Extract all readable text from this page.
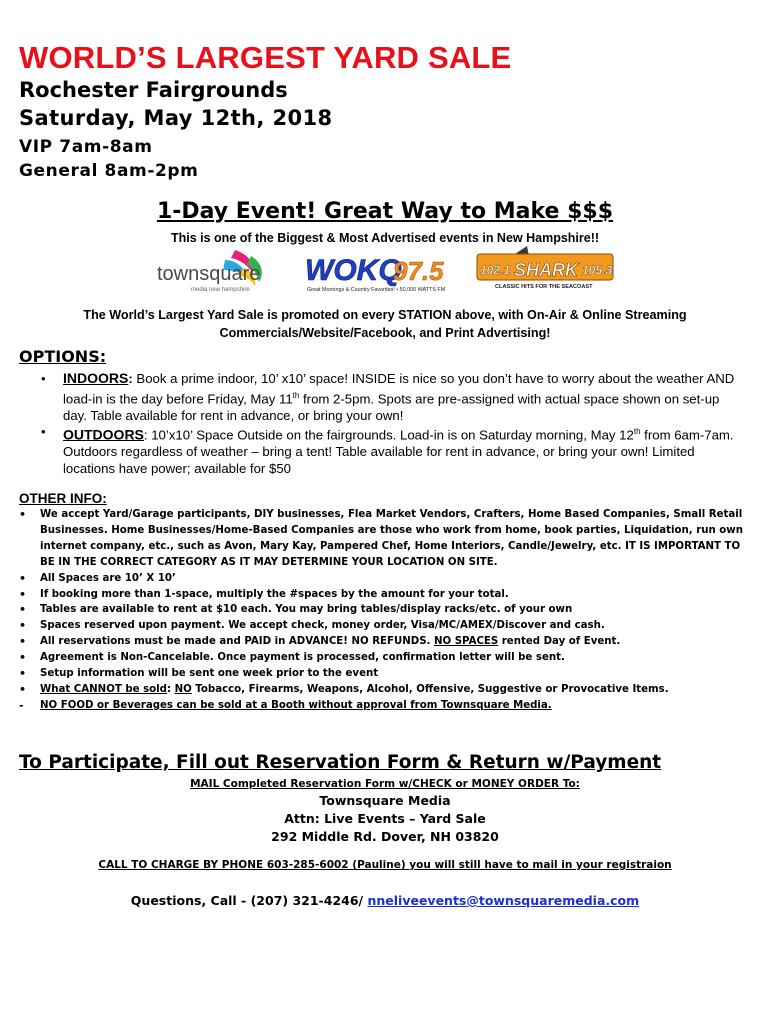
WORLD’S LARGEST YARD SALE
Rochester Fairgrounds
Saturday, May 12th, 2018
VIP 7am-8am
General 8am-2pm
1-Day Event! Great Way to Make $$$
This is one of the Biggest & Most Advertised events in New Hampshire!!
townsquare
media new hampshire
WOKQ
97.5
Great Mornings & Country Favorites! • 50,000 WATTS FM
102.1 SHARK 105.3
CLASSIC HITS FOR THE SEACOAST
The World’s Largest Yard Sale is promoted on every STATION above, with On-Air & Online Streaming Commercials/Website/Facebook, and Print Advertising!
OPTIONS:
• INDOORS: Book a prime indoor, 10’ x10’ space! INSIDE is nice so you don’t have to worry about the weather AND load-in is the day before Friday, May 11th from 2-5pm. Spots are pre-assigned with actual space shown on set-up day. Table available for rent in advance, or bring your own!
• OUTDOORS: 10’x10’ Space Outside on the fairgrounds. Load-in is on Saturday morning, May 12th from 6am-7am. Outdoors regardless of weather – bring a tent! Table available for rent in advance, or bring your own! Limited locations have power; available for $50
OTHER INFO:
• We accept Yard/Garage participants, DIY businesses, Flea Market Vendors, Crafters, Home Based Companies, Small Retail Businesses. Home Businesses/Home-Based Companies are those who work from home, book parties, Liquidation, run own internet company, etc., such as Avon, Mary Kay, Pampered Chef, Home Interiors, Candle/Jewelry, etc. IT IS IMPORTANT TO BE IN THE CORRECT CATEGORY AS IT MAY DETERMINE YOUR LOCATION ON SITE.
• All Spaces are 10’ X 10’
• If booking more than 1-space, multiply the #spaces by the amount for your total.
• Tables are available to rent at $10 each. You may bring tables/display racks/etc. of your own
• Spaces reserved upon payment. We accept check, money order, Visa/MC/AMEX/Discover and cash.
• All reservations must be made and PAID in ADVANCE! NO REFUNDS. NO SPACES rented Day of Event.
• Agreement is Non-Cancelable. Once payment is processed, confirmation letter will be sent.
• Setup information will be sent one week prior to the event
• What CANNOT be sold: NO Tobacco, Firearms, Weapons, Alcohol, Offensive, Suggestive or Provocative Items.
- NO FOOD or Beverages can be sold at a Booth without approval from Townsquare Media.
To Participate, Fill out Reservation Form & Return w/Payment
MAIL Completed Reservation Form w/CHECK or MONEY ORDER To:
Townsquare Media
Attn: Live Events – Yard Sale
292 Middle Rd. Dover, NH 03820
CALL TO CHARGE BY PHONE 603-285-6002 (Pauline) you will still have to mail in your registraion
Questions, Call - (207) 321-4246/ nneliveevents@townsquaremedia.com
